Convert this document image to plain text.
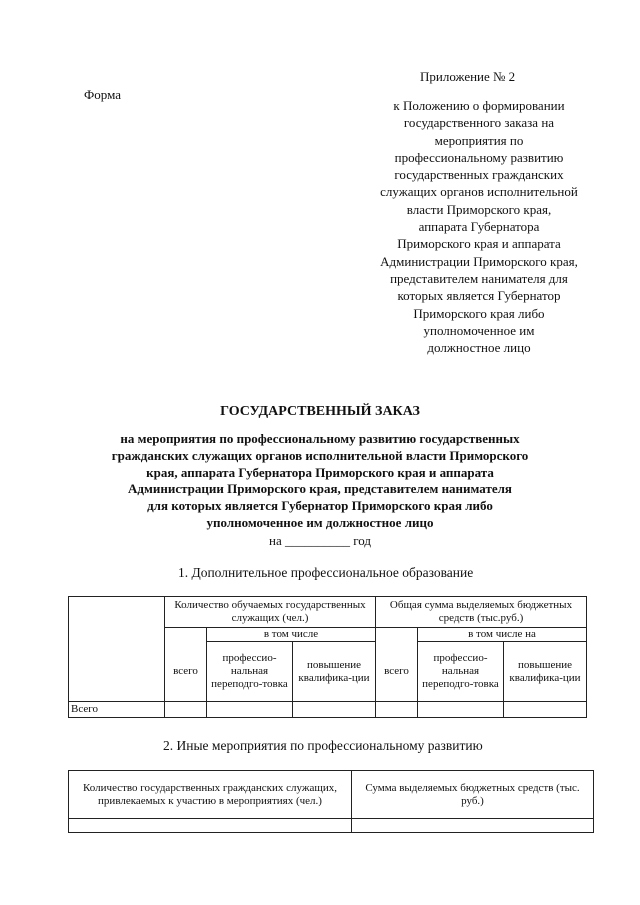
Форма
Приложение № 2
к Положению о формировании
государственного заказа на
мероприятия по
профессиональному развитию
государственных гражданских
служащих органов исполнительной
власти Приморского края,
аппарата Губернатора
Приморского края и аппарата
Администрации Приморского края,
представителем нанимателя для
которых является Губернатор
Приморского края либо
уполномоченное им
должностное лицо
ГОСУДАРСТВЕННЫЙ ЗАКАЗ
на мероприятия по профессиональному развитию государственных
гражданских служащих органов исполнительной власти Приморского
края, аппарата Губернатора Приморского края и аппарата
Администрации Приморского края, представителем нанимателя
для которых является Губернатор Приморского края либо
уполномоченное им должностное лицо
на __________ год
1. Дополнительное профессиональное образование
	Количество обучаемых государственных служащих (чел.)			Общая сумма выделяемых бюджетных средств (тыс.руб.)		
		в том числе			в том числе на	
	всего	профессио-нальная переподго-товка	повышение квалифика-ции	всего	профессио-нальная переподго-товка	повышение квалифика-ции
Всего						
2. Иные мероприятия по профессиональному развитию
Количество государственных гражданских служащих, привлекаемых к участию в мероприятиях (чел.)	Сумма выделяемых бюджетных средств (тыс. руб.)
